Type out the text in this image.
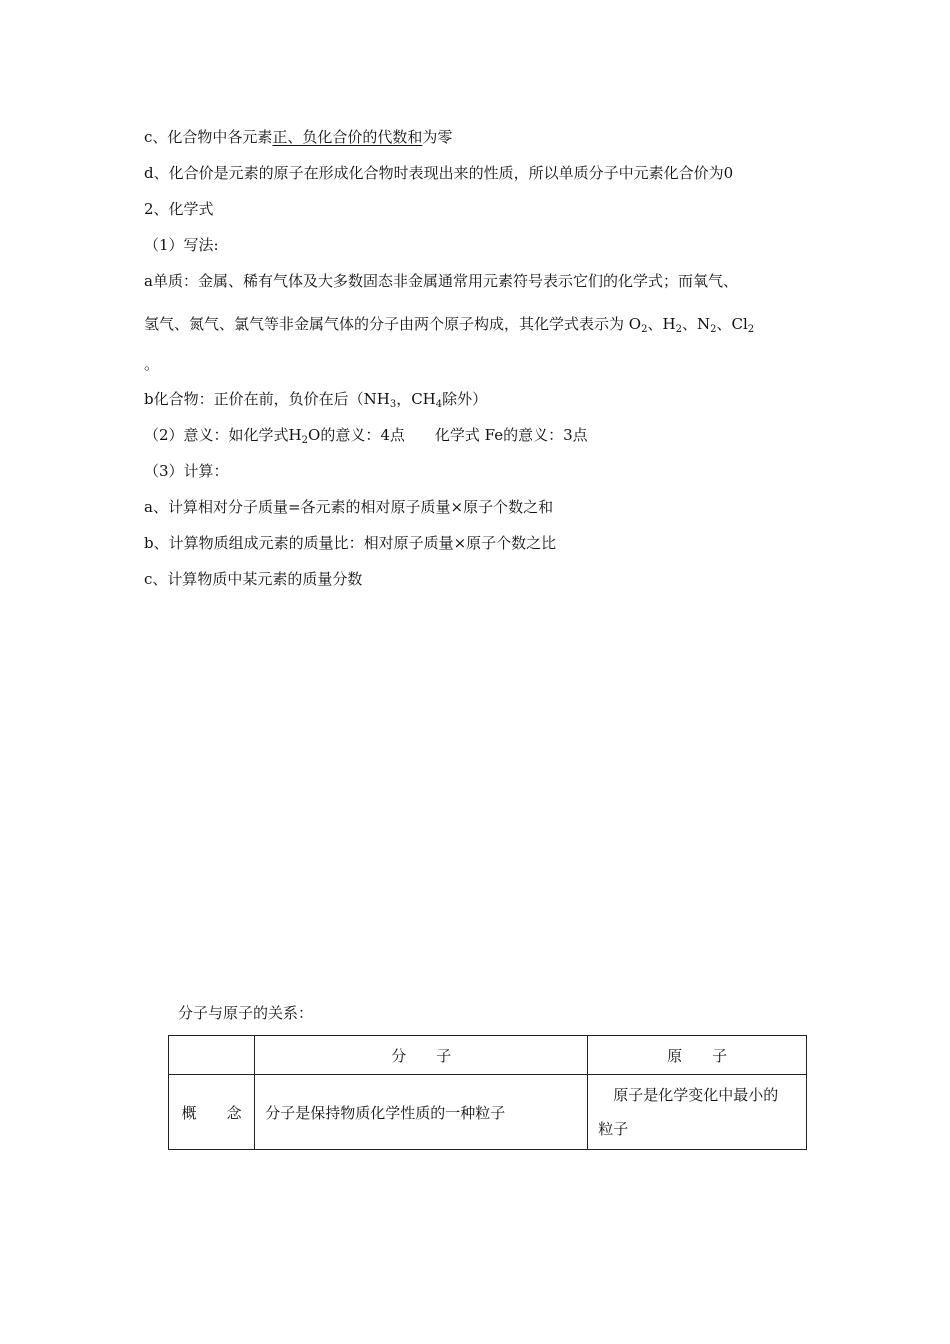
c、化合物中各元素正、负化合价的代数和为零
d、化合价是元素的原子在形成化合物时表现出来的性质，所以单质分子中元素化合价为0
2、化学式
（1）写法:
a单质：金属、稀有气体及大多数固态非金属通常用元素符号表示它们的化学式；而氧气、
氢气、氮气、氯气等非金属气体的分子由两个原子构成，其化学式表示为 $O_2$、$H_2$、$N_2$、$Cl_2$
。
b化合物：正价在前，负价在后（$NH_3$，$CH_4$除外）
（2）意义：如化学式$H_2O$的意义：4点 化学式 Fe的意义：3点
（3）计算：
a、计算相对分子质量=各元素的相对原子质量×原子个数之和
b、计算物质组成元素的质量比：相对原子质量×原子个数之比
c、计算物质中某元素的质量分数
分子与原子的关系：
	分　　子	原　　子
概　　念	分子是保持物质化学性质的一种粒子	　原子是化学变化中最小的
粒子
